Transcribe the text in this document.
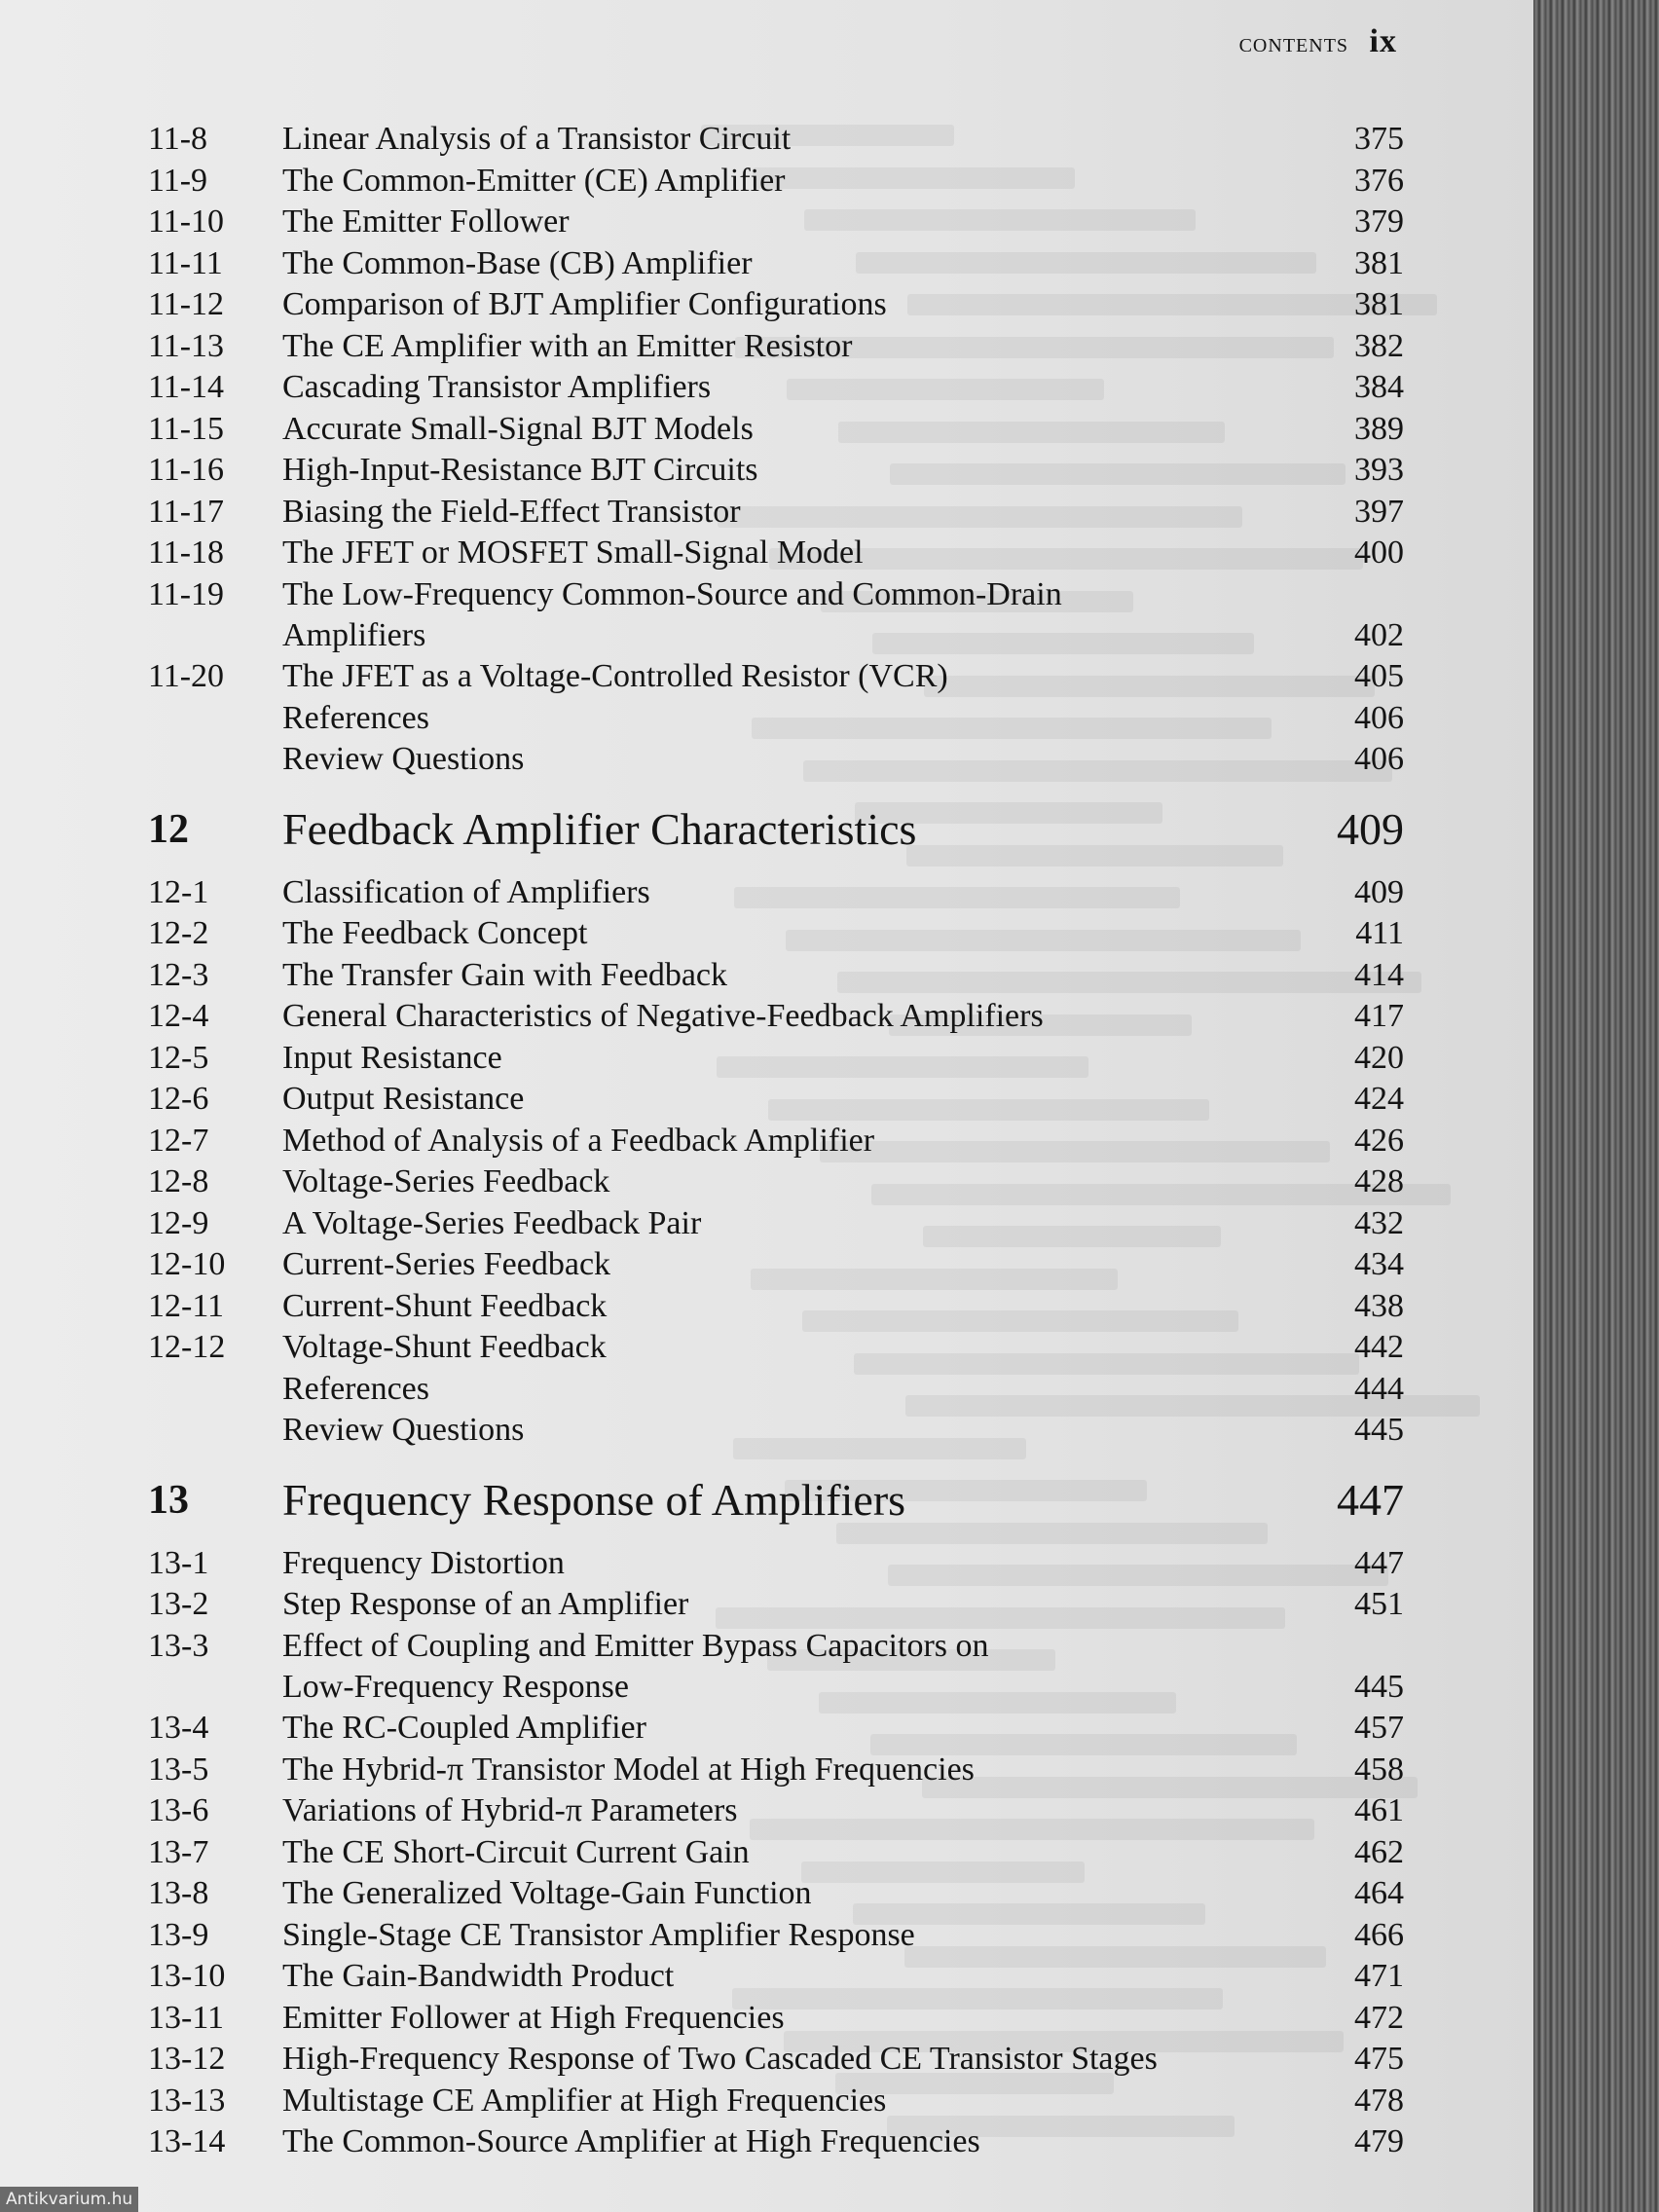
contents ix
11-8	Linear Analysis of a Transistor Circuit	375
11-9	The Common-Emitter (CE) Amplifier	376
11-10	The Emitter Follower	379
11-11	The Common-Base (CB) Amplifier	381
11-12	Comparison of BJT Amplifier Configurations	381
11-13	The CE Amplifier with an Emitter Resistor	382
11-14	Cascading Transistor Amplifiers	384
11-15	Accurate Small-Signal BJT Models	389
11-16	High-Input-Resistance BJT Circuits	393
11-17	Biasing the Field-Effect Transistor	397
11-18	The JFET or MOSFET Small-Signal Model	400
11-19	The Low-Frequency Common-Source and Common-Drain
Amplifiers	402
11-20	The JFET as a Voltage-Controlled Resistor (VCR)	405
References	406
Review Questions	406
12	Feedback Amplifier Characteristics	409
12-1	Classification of Amplifiers	409
12-2	The Feedback Concept	411
12-3	The Transfer Gain with Feedback	414
12-4	General Characteristics of Negative-Feedback Amplifiers	417
12-5	Input Resistance	420
12-6	Output Resistance	424
12-7	Method of Analysis of a Feedback Amplifier	426
12-8	Voltage-Series Feedback	428
12-9	A Voltage-Series Feedback Pair	432
12-10	Current-Series Feedback	434
12-11	Current-Shunt Feedback	438
12-12	Voltage-Shunt Feedback	442
References	444
Review Questions	445
13	Frequency Response of Amplifiers	447
13-1	Frequency Distortion	447
13-2	Step Response of an Amplifier	451
13-3	Effect of Coupling and Emitter Bypass Capacitors on
Low-Frequency Response	445
13-4	The RC-Coupled Amplifier	457
13-5	The Hybrid-π Transistor Model at High Frequencies	458
13-6	Variations of Hybrid-π Parameters	461
13-7	The CE Short-Circuit Current Gain	462
13-8	The Generalized Voltage-Gain Function	464
13-9	Single-Stage CE Transistor Amplifier Response	466
13-10	The Gain-Bandwidth Product	471
13-11	Emitter Follower at High Frequencies	472
13-12	High-Frequency Response of Two Cascaded CE Transistor Stages	475
13-13	Multistage CE Amplifier at High Frequencies	478
13-14	The Common-Source Amplifier at High Frequencies	479
Antikvarium.hu
